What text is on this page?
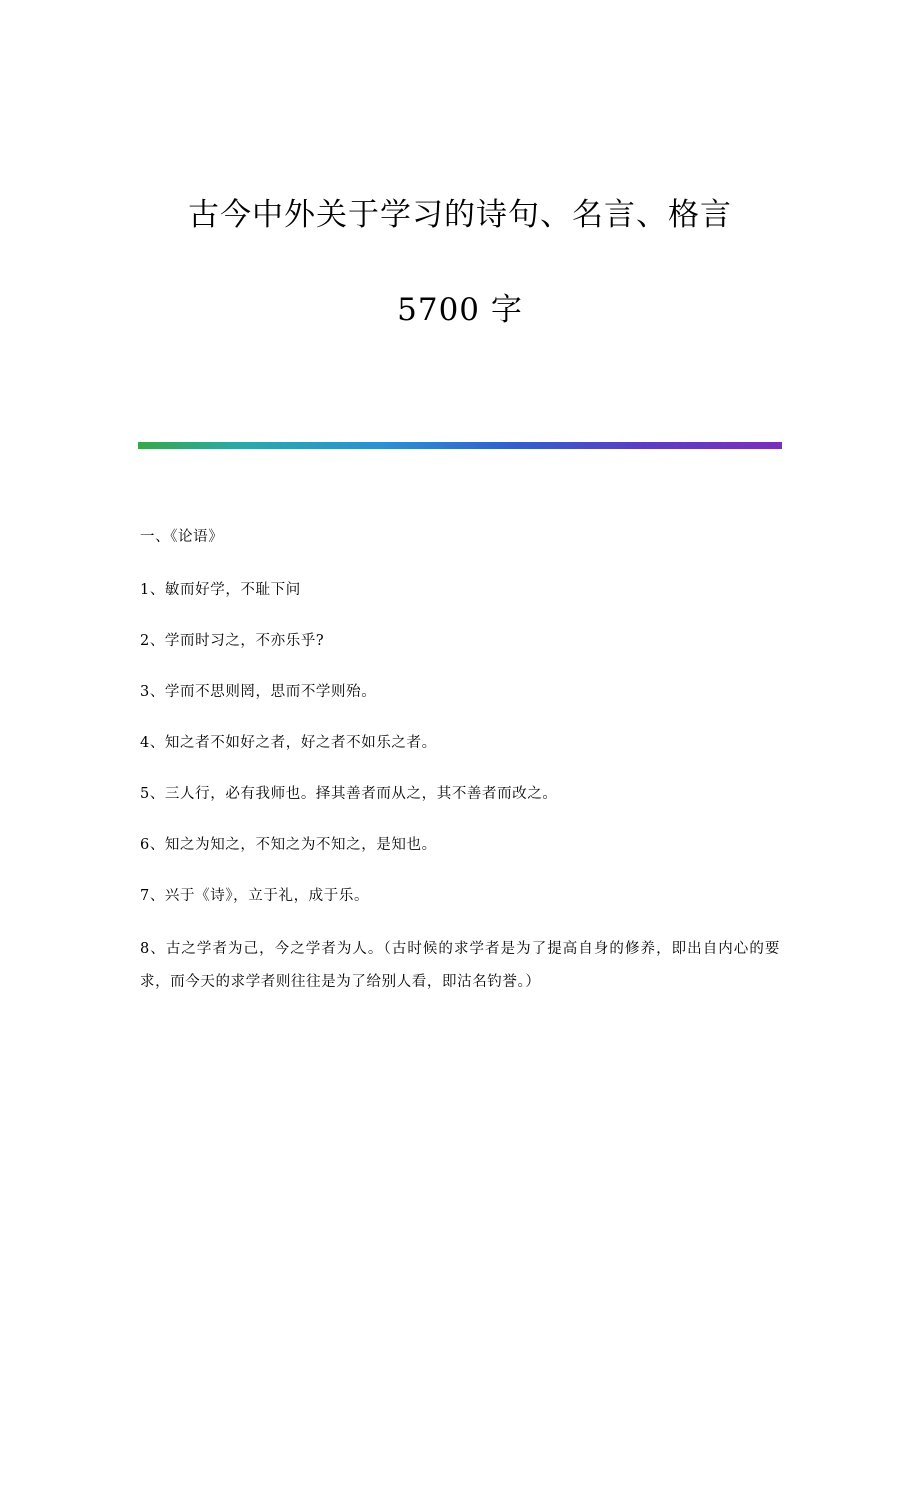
古今中外关于学习的诗句、名言、格言
5700 字

一、《论语》

1、敏而好学，不耻下问

2、学而时习之，不亦乐乎?

3、学而不思则罔，思而不学则殆。

4、知之者不如好之者，好之者不如乐之者。

5、三人行，必有我师也。择其善者而从之，其不善者而改之。

6、知之为知之，不知之为不知之，是知也。

7、兴于《诗》，立于礼，成于乐。

8、古之学者为己，今之学者为人。（古时候的求学者是为了提高自身的修养，即出自内心的要求，而今天的求学者则往往是为了给别人看，即沽名钓誉。）
